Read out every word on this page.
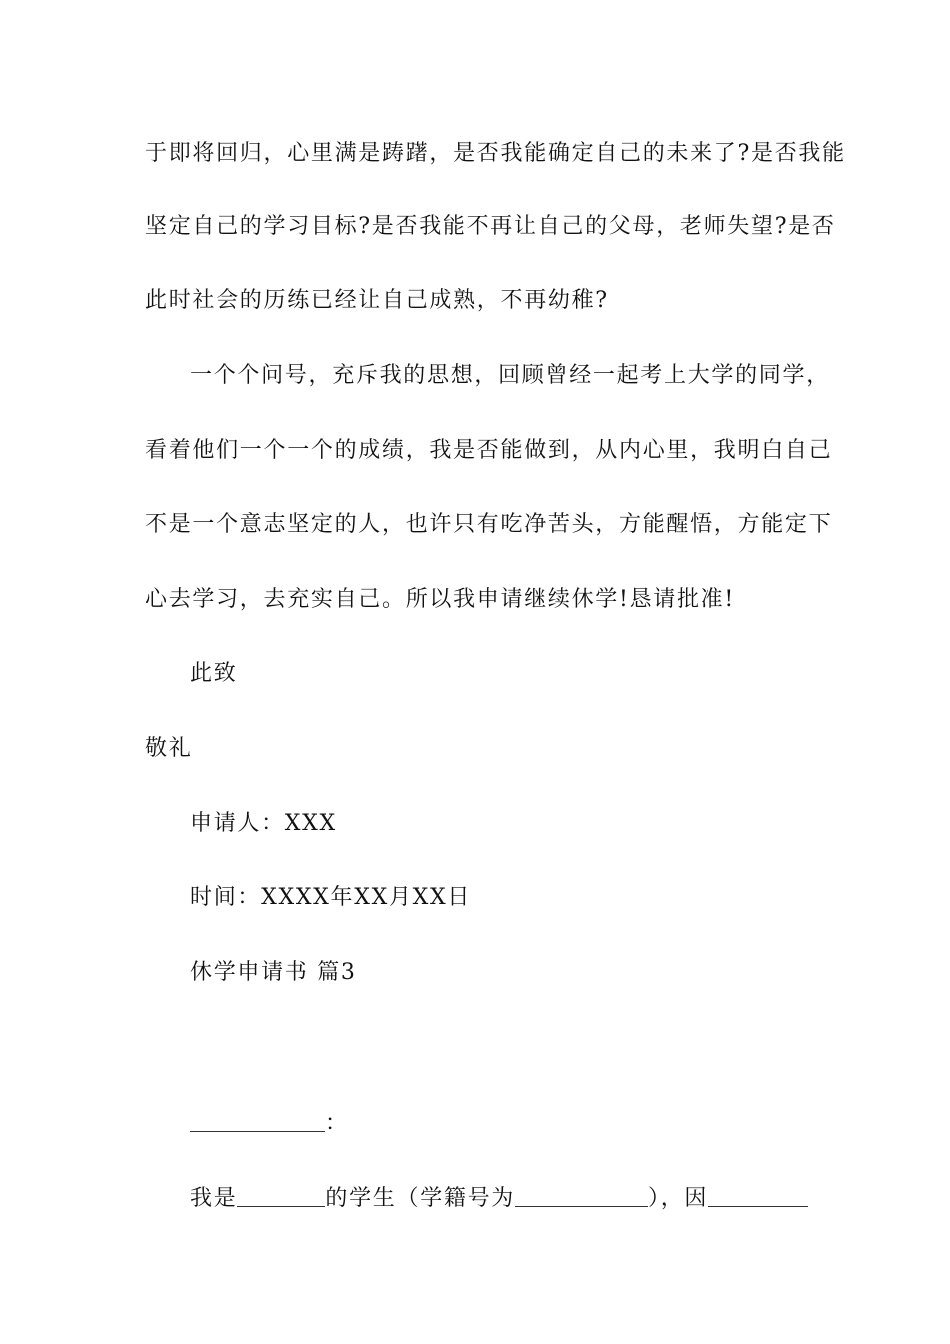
于即将回归，心里满是踌躇，是否我能确定自己的未来了?是否我能
坚定自己的学习目标?是否我能不再让自己的父母，老师失望?是否
此时社会的历练已经让自己成熟，不再幼稚?
一个个问号，充斥我的思想，回顾曾经一起考上大学的同学，
看着他们一个一个的成绩，我是否能做到，从内心里，我明白自己
不是一个意志坚定的人，也许只有吃净苦头，方能醒悟，方能定下
心去学习，去充实自己。所以我申请继续休学!恳请批准!
此致
敬礼
申请人：XXX
时间：XXXX年XX月XX日
休学申请书 篇3
：
我是	的学生（学籍号为	），因
